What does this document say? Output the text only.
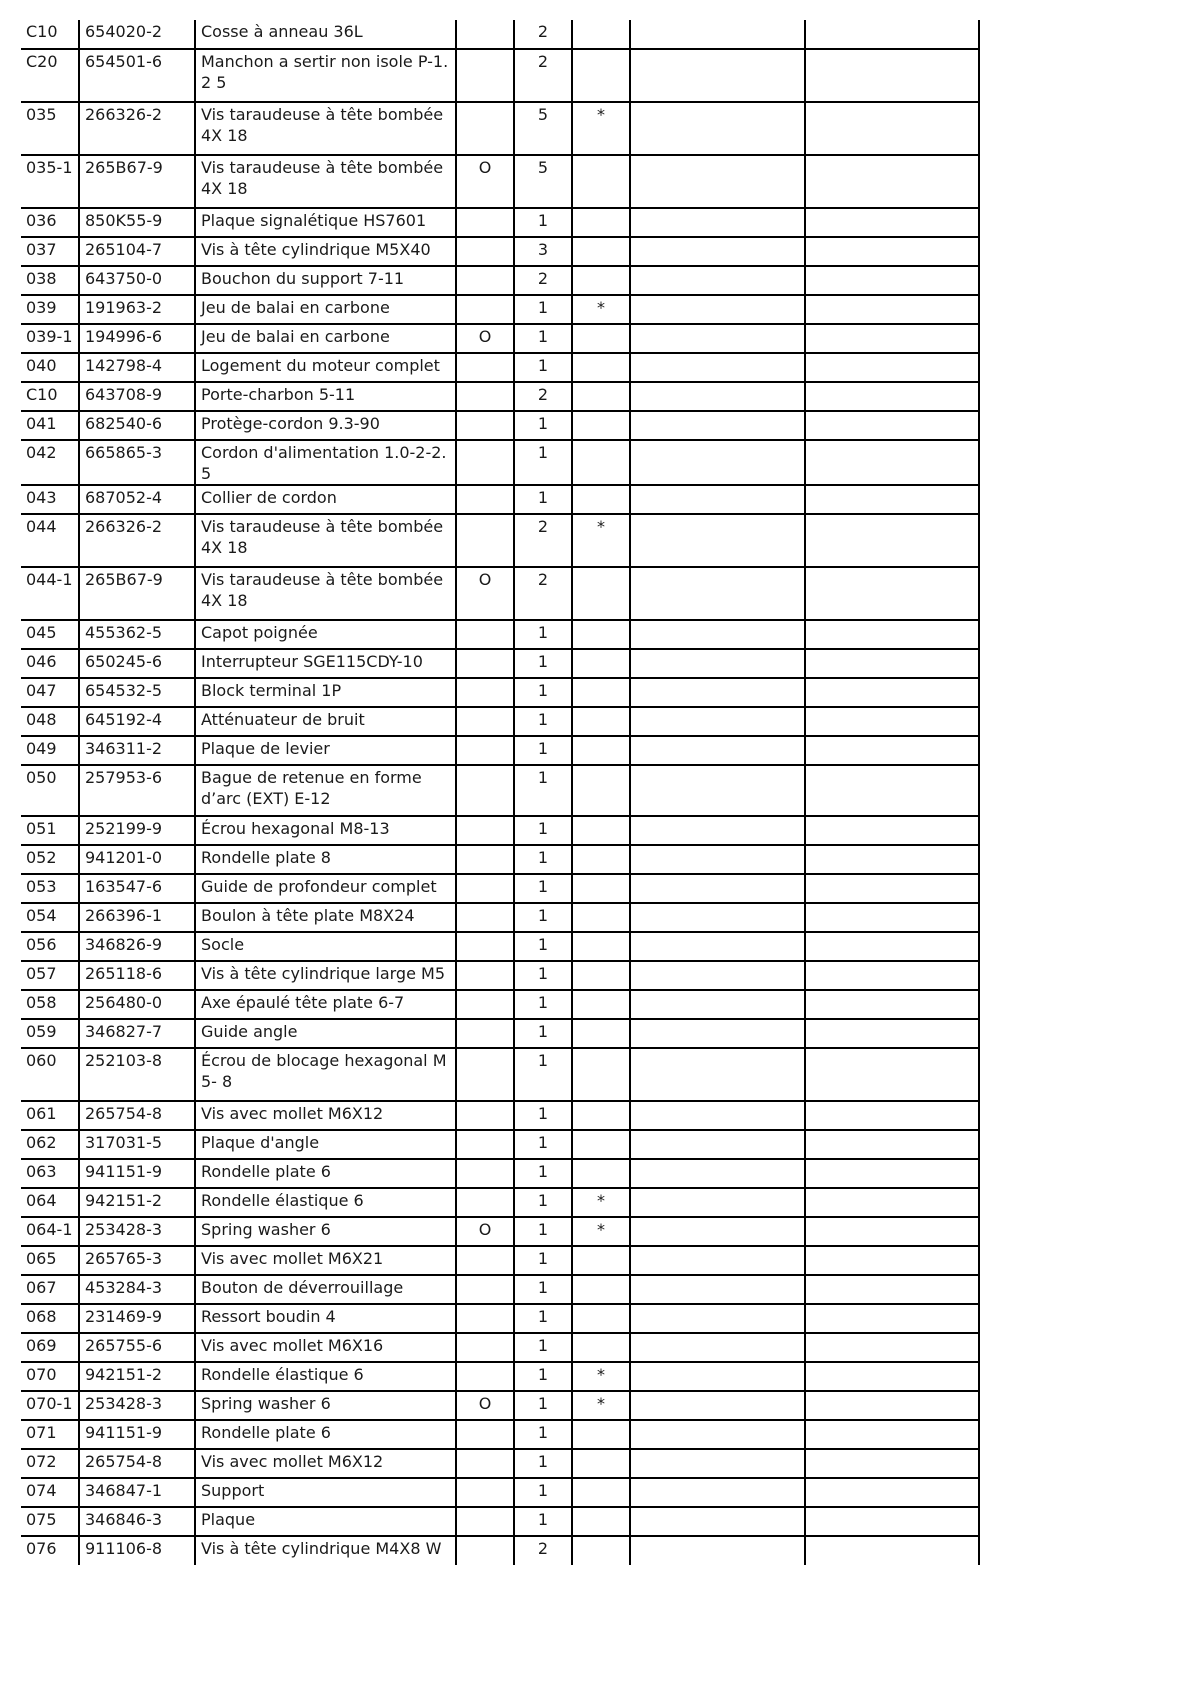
C10	654020-2	Cosse à anneau 36L		2			
C20	654501-6	Manchon a sertir non isole P-1.2 5		2			
035	266326-2	Vis taraudeuse à tête bombée 4X 18		5	*		
035-1	265B67-9	Vis taraudeuse à tête bombée 4X 18	O	5			
036	850K55-9	Plaque signalétique HS7601		1			
037	265104-7	Vis à tête cylindrique M5X40		3			
038	643750-0	Bouchon du support 7-11		2			
039	191963-2	Jeu de balai en carbone		1	*		
039-1	194996-6	Jeu de balai en carbone	O	1			
040	142798-4	Logement du moteur complet		1			
C10	643708-9	Porte-charbon 5-11		2			
041	682540-6	Protège-cordon 9.3-90		1			
042	665865-3	Cordon d'alimentation 1.0-2-2.5		1			
043	687052-4	Collier de cordon		1			
044	266326-2	Vis taraudeuse à tête bombée 4X 18		2	*		
044-1	265B67-9	Vis taraudeuse à tête bombée 4X 18	O	2			
045	455362-5	Capot poignée		1			
046	650245-6	Interrupteur SGE115CDY-10		1			
047	654532-5	Block terminal 1P		1			
048	645192-4	Atténuateur de bruit		1			
049	346311-2	Plaque de levier		1			
050	257953-6	Bague de retenue en forme d’arc (EXT) E-12		1			
051	252199-9	Écrou hexagonal M8-13		1			
052	941201-0	Rondelle plate 8		1			
053	163547-6	Guide de profondeur complet		1			
054	266396-1	Boulon à tête plate M8X24		1			
056	346826-9	Socle		1			
057	265118-6	Vis à tête cylindrique large M5		1			
058	256480-0	Axe épaulé tête plate 6-7		1			
059	346827-7	Guide angle		1			
060	252103-8	Écrou de blocage hexagonal M5- 8		1			
061	265754-8	Vis avec mollet M6X12		1			
062	317031-5	Plaque d'angle		1			
063	941151-9	Rondelle plate 6		1			
064	942151-2	Rondelle élastique 6		1	*		
064-1	253428-3	Spring washer 6	O	1	*		
065	265765-3	Vis avec mollet M6X21		1			
067	453284-3	Bouton de déverrouillage		1			
068	231469-9	Ressort boudin 4		1			
069	265755-6	Vis avec mollet M6X16		1			
070	942151-2	Rondelle élastique 6		1	*		
070-1	253428-3	Spring washer 6	O	1	*		
071	941151-9	Rondelle plate 6		1			
072	265754-8	Vis avec mollet M6X12		1			
074	346847-1	Support		1			
075	346846-3	Plaque		1			
076	911106-8	Vis à tête cylindrique M4X8 W		2			
